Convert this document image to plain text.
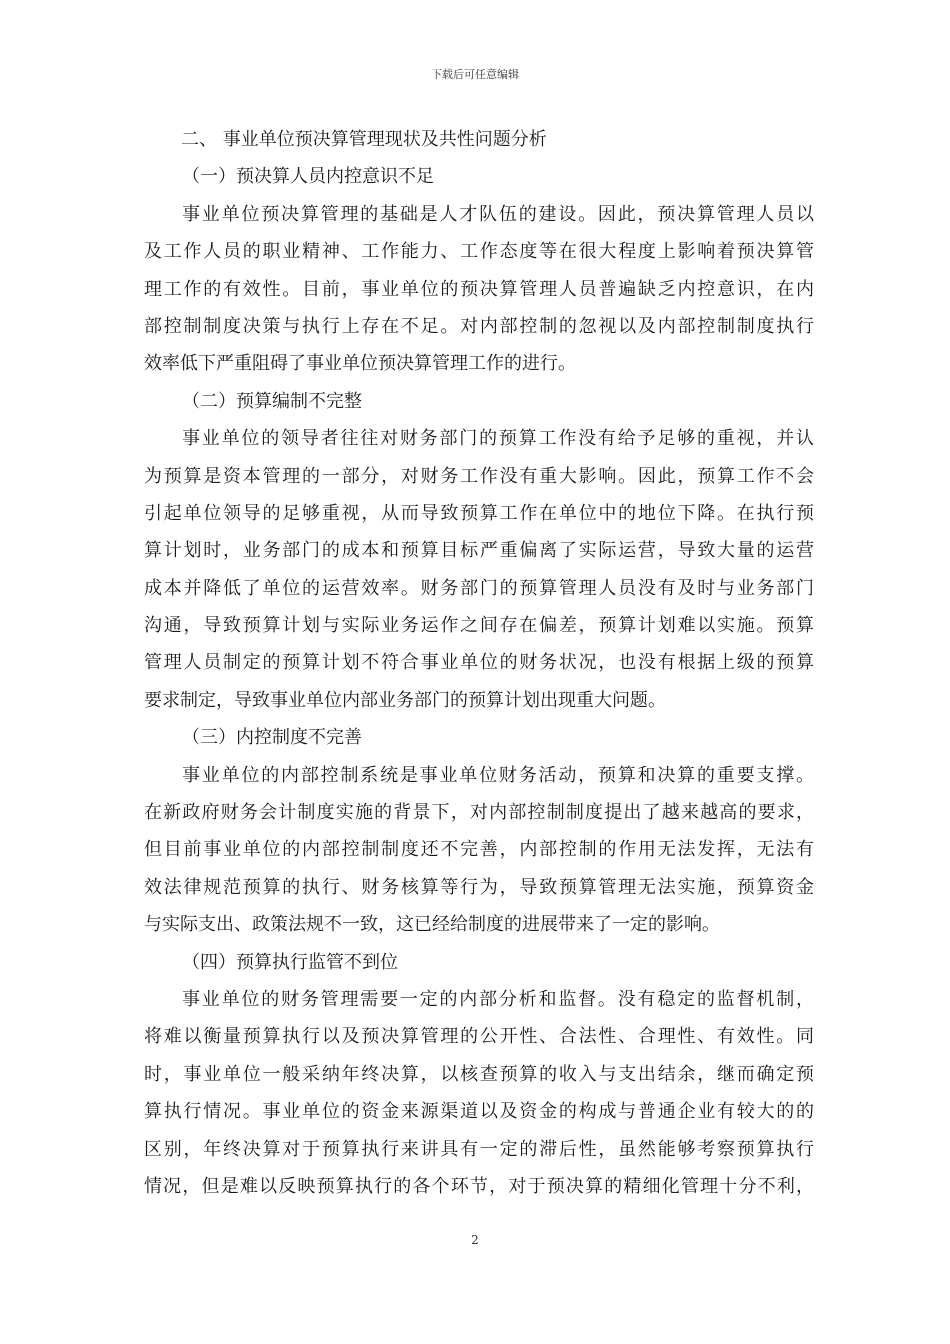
下载后可任意编辑
二、 事业单位预决算管理现状及共性问题分析
（一）预决算人员内控意识不足
事业单位预决算管理的基础是人才队伍的建设。因此，预决算管理人员以
及工作人员的职业精神、工作能力、工作态度等在很大程度上影响着预决算管
理工作的有效性。目前，事业单位的预决算管理人员普遍缺乏内控意识，在内
部控制制度决策与执行上存在不足。对内部控制的忽视以及内部控制制度执行
效率低下严重阻碍了事业单位预决算管理工作的进行。
（二）预算编制不完整
事业单位的领导者往往对财务部门的预算工作没有给予足够的重视，并认
为预算是资本管理的一部分，对财务工作没有重大影响。因此，预算工作不会
引起单位领导的足够重视，从而导致预算工作在单位中的地位下降。在执行预
算计划时，业务部门的成本和预算目标严重偏离了实际运营，导致大量的运营
成本并降低了单位的运营效率。财务部门的预算管理人员没有及时与业务部门
沟通，导致预算计划与实际业务运作之间存在偏差，预算计划难以实施。预算
管理人员制定的预算计划不符合事业单位的财务状况，也没有根据上级的预算
要求制定，导致事业单位内部业务部门的预算计划出现重大问题。
（三）内控制度不完善
事业单位的内部控制系统是事业单位财务活动，预算和决算的重要支撑。
在新政府财务会计制度实施的背景下，对内部控制制度提出了越来越高的要求，
但目前事业单位的内部控制制度还不完善，内部控制的作用无法发挥，无法有
效法律规范预算的执行、财务核算等行为，导致预算管理无法实施，预算资金
与实际支出、政策法规不一致，这已经给制度的进展带来了一定的影响。
（四）预算执行监管不到位
事业单位的财务管理需要一定的内部分析和监督。没有稳定的监督机制，
将难以衡量预算执行以及预决算管理的公开性、合法性、合理性、有效性。同
时，事业单位一般采纳年终决算，以核查预算的收入与支出结余，继而确定预
算执行情况。事业单位的资金来源渠道以及资金的构成与普通企业有较大的的
区别，年终决算对于预算执行来讲具有一定的滞后性，虽然能够考察预算执行
情况，但是难以反映预算执行的各个环节，对于预决算的精细化管理十分不利，
2
